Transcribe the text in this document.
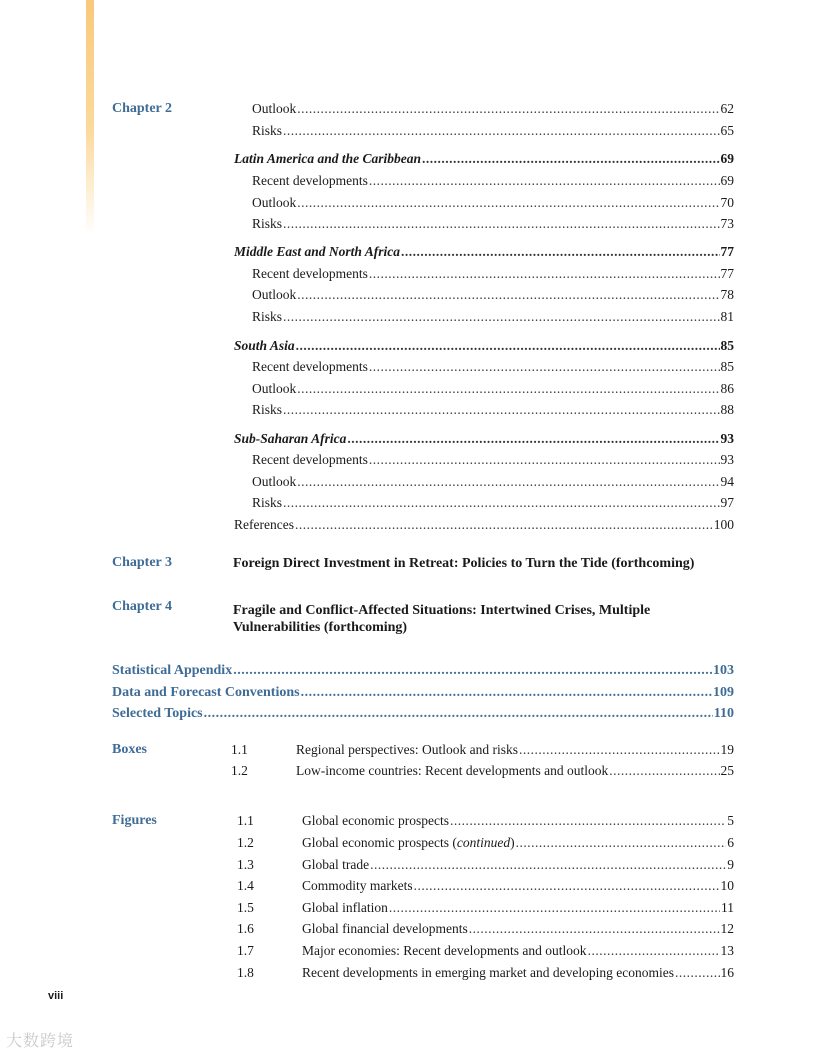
Chapter 2	Outlook .....	62
Risks .....	65
Latin America and the Caribbean .....	69
Recent developments .....	69
Outlook .....	70
Risks .....	73
Middle East and North Africa .....	77
Recent developments .....	77
Outlook .....	78
Risks .....	81
South Asia .....	85
Recent developments .....	85
Outlook .....	86
Risks .....	88
Sub-Saharan Africa .....	93
Recent developments .....	93
Outlook .....	94
Risks .....	97
References .....	100
Chapter 3	Foreign Direct Investment in Retreat: Policies to Turn the Tide (forthcoming)
Chapter 4	Fragile and Conflict-Affected Situations: Intertwined Crises, Multiple Vulnerabilities (forthcoming)
Statistical Appendix .....	103
Data and Forecast Conventions .....	109
Selected Topics .....	110
Boxes	1.1	Regional perspectives: Outlook and risks .....	19
1.2	Low-income countries: Recent developments and outlook .....	25
Figures	1.1	Global economic prospects .....	5
1.2	Global economic prospects (continued) .....	6
1.3	Global trade .....	9
1.4	Commodity markets .....	10
1.5	Global inflation .....	11
1.6	Global financial developments .....	12
1.7	Major economies: Recent developments and outlook .....	13
1.8	Recent developments in emerging market and developing economies .....	16
viii
大数跨境
